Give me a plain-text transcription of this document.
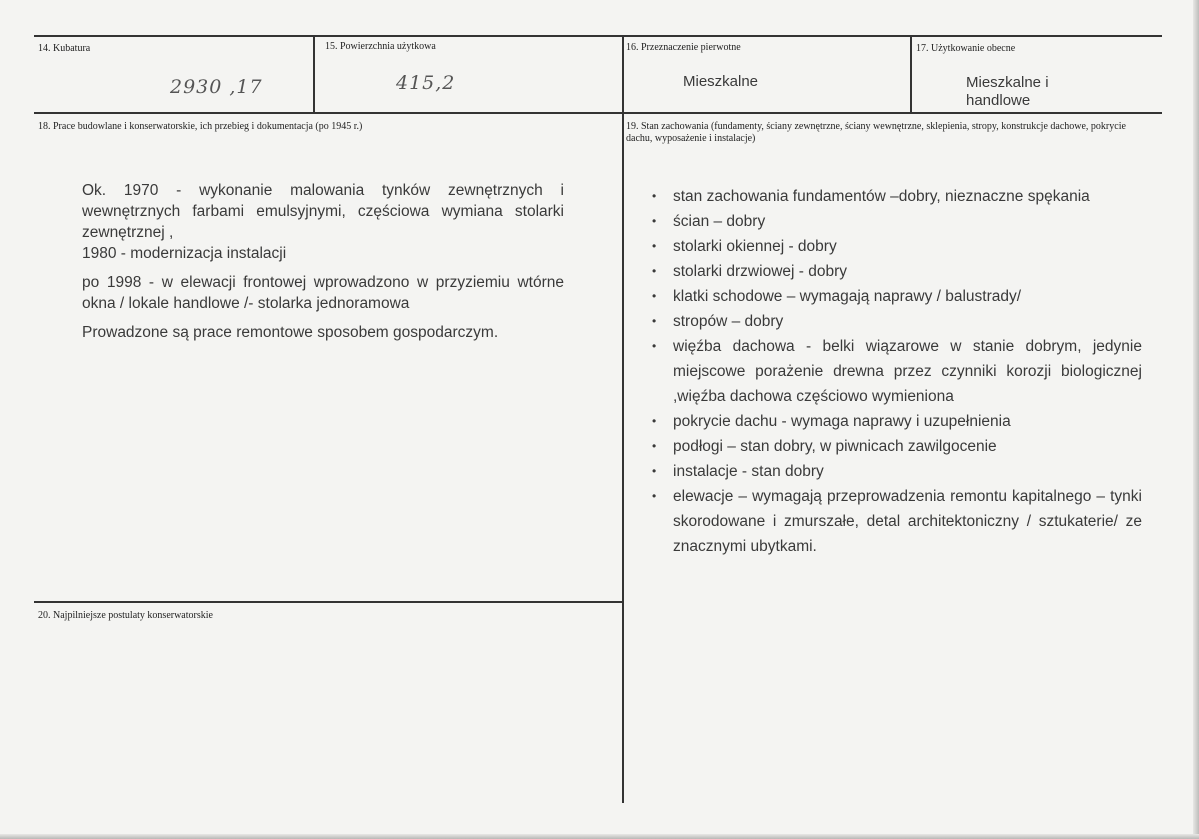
14. Kubatura	15. Powierzchnia użytkowa	16. Przeznaczenie pierwotne	17. Użytkowanie obecne
2930 ,17	415,2	Mieszkalne	Mieszkalne i
handlowe
18. Prace budowlane i konserwatorskie, ich przebieg i dokumentacja (po 1945 r.)

Ok. 1970 - wykonanie malowania tynków zewnętrznych i wewnętrznych farbami emulsyjnymi, częściowa wymiana stolarki zewnętrznej ,
1980 - modernizacja instalacji

po 1998 - w elewacji frontowej wprowadzono w przyziemiu wtórne okna / lokale handlowe /- stolarka jednoramowa

Prowadzone są prace remontowe sposobem gospodarczym.

19. Stan zachowania (fundamenty, ściany zewnętrzne, ściany wewnętrzne, sklepienia, stropy, konstrukcje dachowe, pokrycie dachu, wyposażenie i instalacje)
• stan zachowania fundamentów –dobry, nieznaczne spękania
• ścian – dobry
• stolarki okiennej - dobry
• stolarki drzwiowej - dobry
• klatki schodowe – wymagają naprawy / balustrady/
• stropów – dobry
• więźba dachowa - belki wiązarowe w stanie dobrym, jedynie miejscowe porażenie drewna przez czynniki korozji biologicznej ,więźba dachowa częściowo wymieniona
• pokrycie dachu - wymaga naprawy i uzupełnienia
• podłogi – stan dobry, w piwnicach zawilgocenie
• instalacje - stan dobry
• elewacje – wymagają przeprowadzenia remontu kapitalnego – tynki skorodowane i zmurszałe, detal architektoniczny / sztukaterie/ ze znacznymi ubytkami.
20. Najpilniejsze postulaty konserwatorskie
